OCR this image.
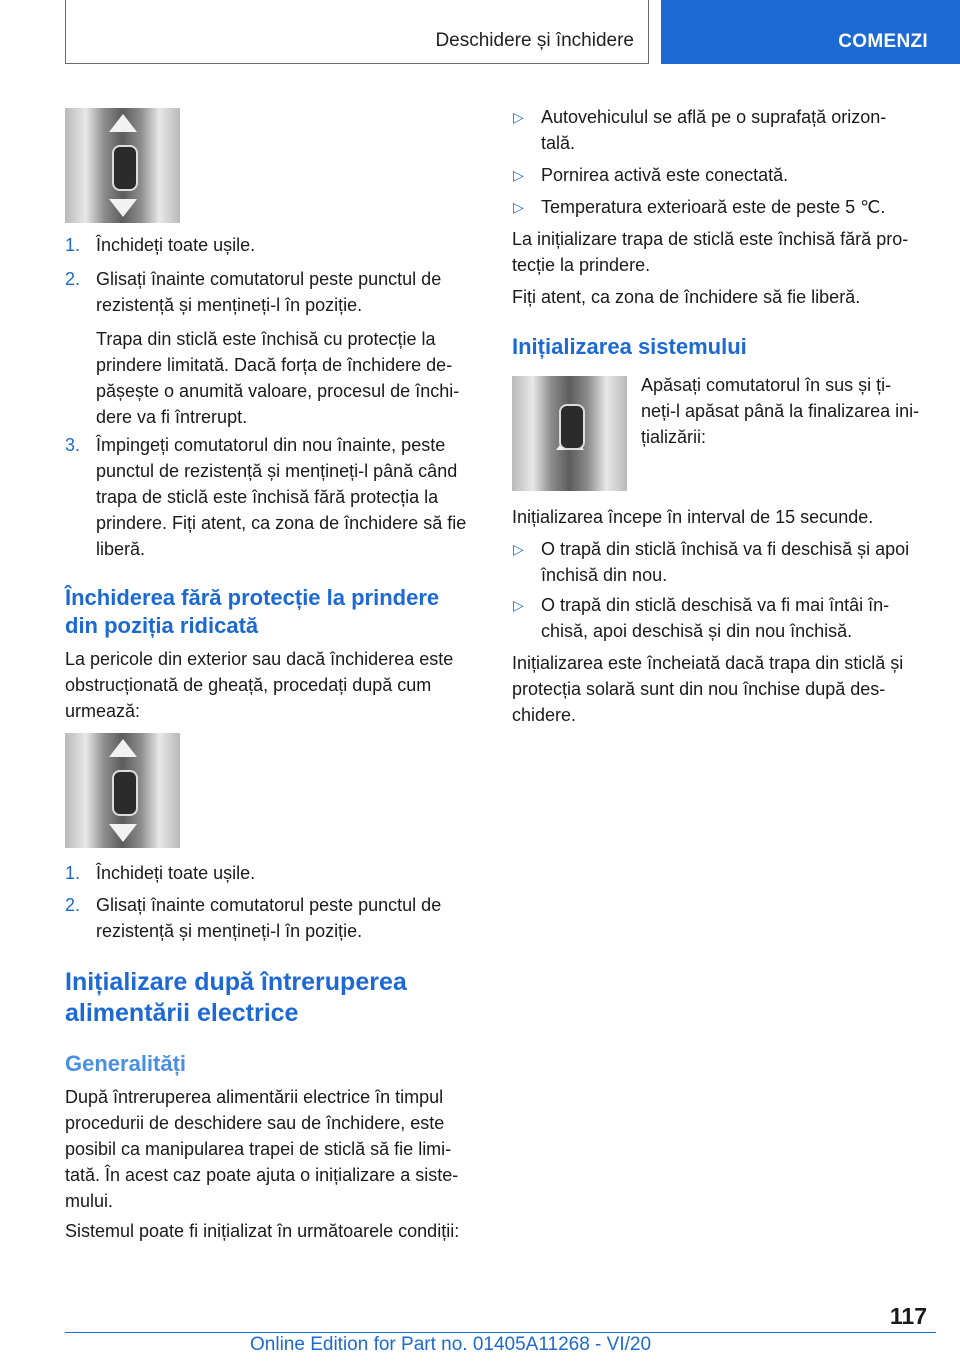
Deschidere și închidere	COMENZI
1. Închideți toate ușile.
2. Glisați înainte comutatorul peste punctul de
rezistență și mențineți-l în poziție.
Trapa din sticlă este închisă cu protecție la
prindere limitată. Dacă forța de închidere de-
pășește o anumită valoare, procesul de închi-
dere va fi întrerupt.
3. Împingeți comutatorul din nou înainte, peste
punctul de rezistență și mențineți-l până când
trapa de sticlă este închisă fără protecția la
prindere. Fiți atent, ca zona de închidere să fie
liberă.
Închiderea fără protecție la prindere
din poziția ridicată
La pericole din exterior sau dacă închiderea este
obstrucționată de gheață, procedați după cum
urmează:
1. Închideți toate ușile.
2. Glisați înainte comutatorul peste punctul de
rezistență și mențineți-l în poziție.
Inițializare după întreruperea
alimentării electrice
Generalități
După întreruperea alimentării electrice în timpul
procedurii de deschidere sau de închidere, este
posibil ca manipularea trapei de sticlă să fie limi-
tată. În acest caz poate ajuta o inițializare a siste-
mului.
Sistemul poate fi inițializat în următoarele condiții:
▷ Autovehiculul se află pe o suprafață orizon-
tală.
▷ Pornirea activă este conectată.
▷ Temperatura exterioară este de peste 5 ℃.
La inițializare trapa de sticlă este închisă fără pro-
tecție la prindere.
Fiți atent, ca zona de închidere să fie liberă.
Inițializarea sistemului
Apăsați comutatorul în sus și ți-
neți-l apăsat până la finalizarea ini-
țializării:
Inițializarea începe în interval de 15 secunde.
▷ O trapă din sticlă închisă va fi deschisă și apoi
închisă din nou.
▷ O trapă din sticlă deschisă va fi mai întâi în-
chisă, apoi deschisă și din nou închisă.
Inițializarea este încheiată dacă trapa din sticlă și
protecția solară sunt din nou închise după des-
chidere.
117
Online Edition for Part no. 01405A11268 - VI/20
